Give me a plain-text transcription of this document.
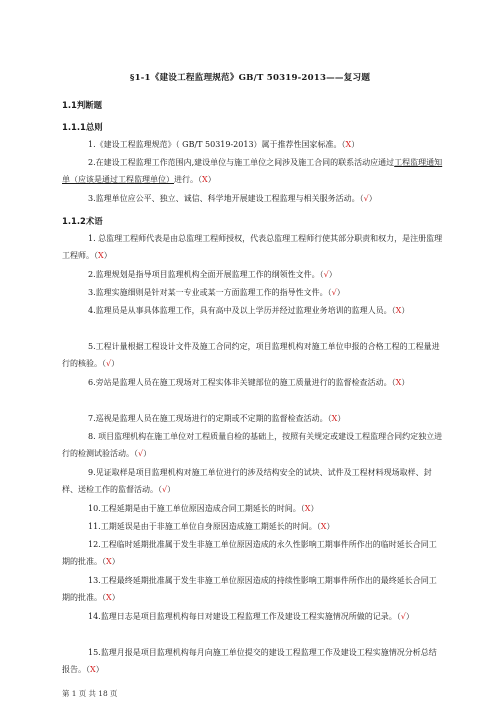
§1-1《建设工程监理规范》GB/T 50319-2013——复习题
1.1判断题
1.1.1总则
1.《建设工程监理规范》（ GB/T 50319-2013）属于推荐性国家标准。（X）
2.在建设工程监理工作范围内,建设单位与施工单位之间涉及施工合同的联系活动应通过工程监理通知单（应该是通过工程监理单位）进行。（X）
3.监理单位应公平、独立、诚信、科学地开展建设工程监理与相关服务活动。（√）
1.1.2术语
1. 总监理工程师代表是由总监理工程师授权，代表总监理工程师行使其部分职责和权力，是注册监理工程师。（X）
2.监理规划是指导项目监理机构全面开展监理工作的纲领性文件。（√）
3.监理实施细则是针对某一专业或某一方面监理工作的指导性文件。（√）
4.监理员是从事具体监理工作，具有高中及以上学历并经过监理业务培训的监理人员。（X）
5.工程计量根据工程设计文件及施工合同约定，项目监理机构对施工单位申报的合格工程的工程量进行的核验。（√）
6.旁站是监理人员在施工现场对工程实体非关键部位的施工质量进行的监督检查活动。（X）
7.巡视是监理人员在施工现场进行的定期或不定期的监督检查活动。（X）
8. 项目监理机构在施工单位对工程质量自检的基础上，按照有关规定或建设工程监理合同约定独立进行的检测试验活动。（√）
9.见证取样是项目监理机构对施工单位进行的涉及结构安全的试块、试件及工程材料现场取样、封样、送检工作的监督活动。（√）
10.工程延期是由于施工单位原因造成合同工期延长的时间。（X）
11.工期延误是由于非施工单位自身原因造成施工期延长的时间。（X）
12.工程临时延期批准属于发生非施工单位原因造成的永久性影响工期事件所作出的临时延长合同工期的批准。（X）
13.工程最终延期批准属于发生非施工单位原因造成的持续性影响工期事件所作出的最终延长合同工期的批准。（X）
14.监理日志是项目监理机构每日对建设工程监理工作及建设工程实施情况所做的记录。（√）
15.监理月报是项目监理机构每月向施工单位提交的建设工程监理工作及建设工程实施情况分析总结报告。（X）
第 1 页 共 18 页
